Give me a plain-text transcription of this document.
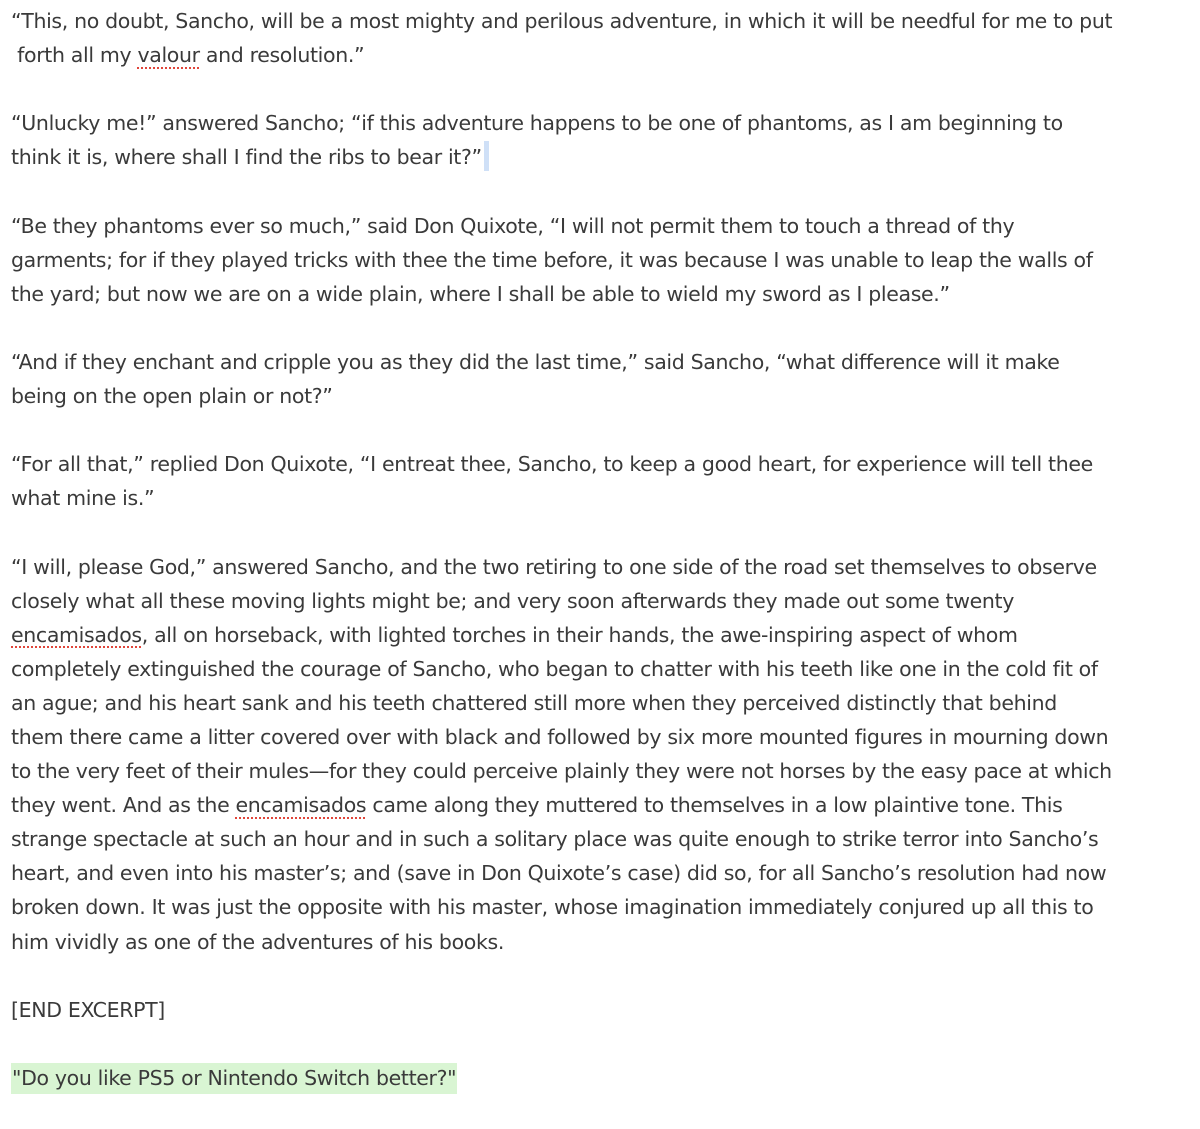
“This, no doubt, Sancho, will be a most mighty and perilous adventure, in which it will be needful for me to put
forth all my valour and resolution.”

“Unlucky me!” answered Sancho; “if this adventure happens to be one of phantoms, as I am beginning to
think it is, where shall I find the ribs to bear it?”

“Be they phantoms ever so much,” said Don Quixote, “I will not permit them to touch a thread of thy
garments; for if they played tricks with thee the time before, it was because I was unable to leap the walls of
the yard; but now we are on a wide plain, where I shall be able to wield my sword as I please.”

“And if they enchant and cripple you as they did the last time,” said Sancho, “what difference will it make
being on the open plain or not?”

“For all that,” replied Don Quixote, “I entreat thee, Sancho, to keep a good heart, for experience will tell thee
what mine is.”

“I will, please God,” answered Sancho, and the two retiring to one side of the road set themselves to observe
closely what all these moving lights might be; and very soon afterwards they made out some twenty
encamisados, all on horseback, with lighted torches in their hands, the awe-inspiring aspect of whom
completely extinguished the courage of Sancho, who began to chatter with his teeth like one in the cold fit of
an ague; and his heart sank and his teeth chattered still more when they perceived distinctly that behind
them there came a litter covered over with black and followed by six more mounted figures in mourning down
to the very feet of their mules—for they could perceive plainly they were not horses by the easy pace at which
they went. And as the encamisados came along they muttered to themselves in a low plaintive tone. This
strange spectacle at such an hour and in such a solitary place was quite enough to strike terror into Sancho’s
heart, and even into his master’s; and (save in Don Quixote’s case) did so, for all Sancho’s resolution had now
broken down. It was just the opposite with his master, whose imagination immediately conjured up all this to
him vividly as one of the adventures of his books.

[END EXCERPT]

"Do you like PS5 or Nintendo Switch better?"
